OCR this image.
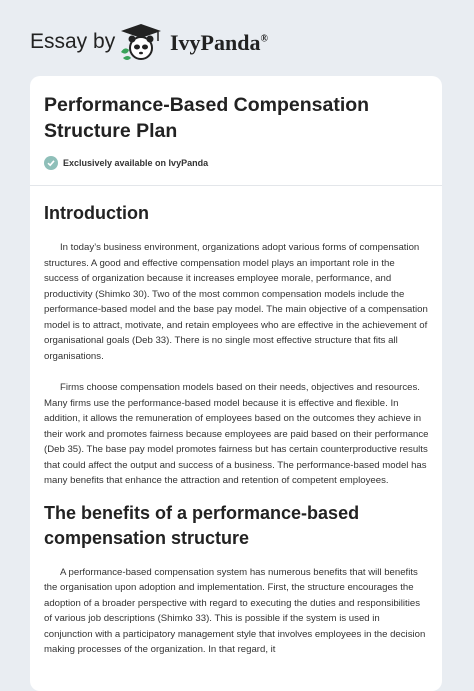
Essay by IvyPanda®
Performance-Based Compensation Structure Plan
Exclusively available on IvyPanda
Introduction

In today’s business environment, organizations adopt various forms of compensation structures. A good and effective compensation model plays an important role in the success of organization because it increases employee morale, performance, and productivity (Shimko 30). Two of the most common compensation models include the performance-based model and the base pay model. The main objective of a compensation model is to attract, motivate, and retain employees who are effective in the achievement of organisational goals (Deb 33). There is no single most effective structure that fits all organisations.

Firms choose compensation models based on their needs, objectives and resources. Many firms use the performance-based model because it is effective and flexible. In addition, it allows the remuneration of employees based on the outcomes they achieve in their work and promotes fairness because employees are paid based on their performance (Deb 35). The base pay model promotes fairness but has certain counterproductive results that could affect the output and success of a business. The performance-based model has many benefits that enhance the attraction and retention of competent employees.

The benefits of a performance-based compensation structure

A performance-based compensation system has numerous benefits that will benefits the organisation upon adoption and implementation. First, the structure encourages the adoption of a broader perspective with regard to executing the duties and responsibilities of various job descriptions (Shimko 33). This is possible if the system is used in conjunction with a participatory management style that involves employees in the decision making processes of the organization. In that regard, it
